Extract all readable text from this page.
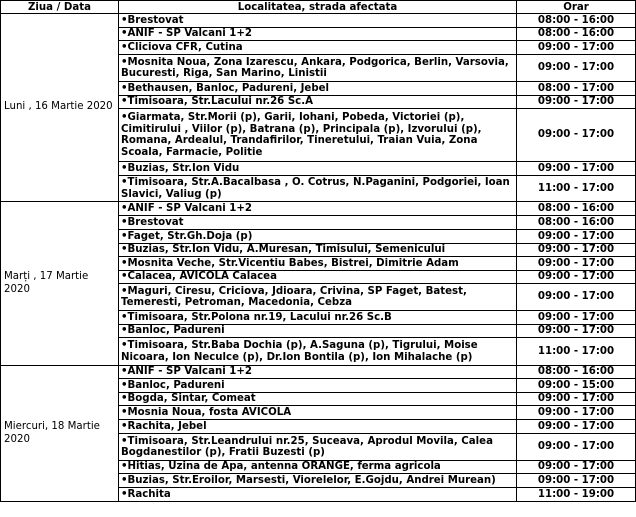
Ziua / Data	Localitatea, strada afectata	Orar
Luni , 16 Martie 2020	•Brestovat	08:00 - 16:00
	•ANIF - SP Valcani 1+2	08:00 - 16:00
	•Cliciova CFR, Cutina	09:00 - 17:00
	•Mosnita Noua, Zona Izarescu, Ankara, Podgorica, Berlin, Varsovia, Bucuresti, Riga, San Marino, Linistii	09:00 - 17:00
	•Bethausen, Banloc, Padureni, Jebel	08:00 - 17:00
	•Timisoara, Str.Lacului nr.26 Sc.A	09:00 - 17:00
	•Giarmata, Str.Morii (p), Garii, Iohani, Pobeda, Victoriei (p), Cimitirului , Viilor (p), Batrana (p), Principala (p), Izvorului (p), Romana, Ardealul, Trandafirilor, Tineretului, Traian Vuia, Zona Scoala, Farmacie, Politie	09:00 - 17:00
	•Buzias, Str.Ion Vidu	09:00 - 17:00
	•Timisoara, Str.A.Bacalbasa , O. Cotrus, N.Paganini, Podgoriei, Ioan Slavici, Valiug (p)	11:00 - 17:00
Marți , 17 Martie 2020	•ANIF - SP Valcani 1+2	08:00 - 16:00
	•Brestovat	08:00 - 16:00
	•Faget, Str.Gh.Doja (p)	09:00 - 17:00
	•Buzias, Str.Ion Vidu, A.Muresan, Timisului, Semenicului	09:00 - 17:00
	•Mosnita Veche, Str.Vicentiu Babes, Bistrei, Dimitrie Adam	09:00 - 17:00
	•Calacea, AVICOLA Calacea	09:00 - 17:00
	•Maguri, Ciresu, Criciova, Jdioara, Crivina, SP Faget, Batest, Temeresti, Petroman, Macedonia, Cebza	09:00 - 17:00
	•Timisoara, Str.Polona nr.19, Lacului nr.26 Sc.B	09:00 - 17:00
	•Banloc, Padureni	09:00 - 17:00
	•Timisoara, Str.Baba Dochia (p), A.Saguna (p), Tigrului, Moise Nicoara, Ion Neculce (p), Dr.Ion Bontila (p), Ion Mihalache (p)	11:00 - 17:00
Miercuri, 18 Martie 2020	•ANIF - SP Valcani 1+2	08:00 - 16:00
	•Banloc, Padureni	09:00 - 15:00
	•Bogda, Sintar, Comeat	09:00 - 17:00
	•Mosnia Noua, fosta AVICOLA	09:00 - 17:00
	•Rachita, Jebel	09:00 - 17:00
	•Timisoara, Str.Leandrului nr.25, Suceava, Aprodul Movila, Calea Bogdanestilor (p), Fratii Buzesti (p)	09:00 - 17:00
	•Hitias, Uzina de Apa, antenna ORANGE, ferma agricola	09:00 - 17:00
	•Buzias, Str.Eroilor, Marsesti, Viorelelor, E.Gojdu, Andrei Murean)	09:00 - 17:00
	•Rachita	11:00 - 19:00
